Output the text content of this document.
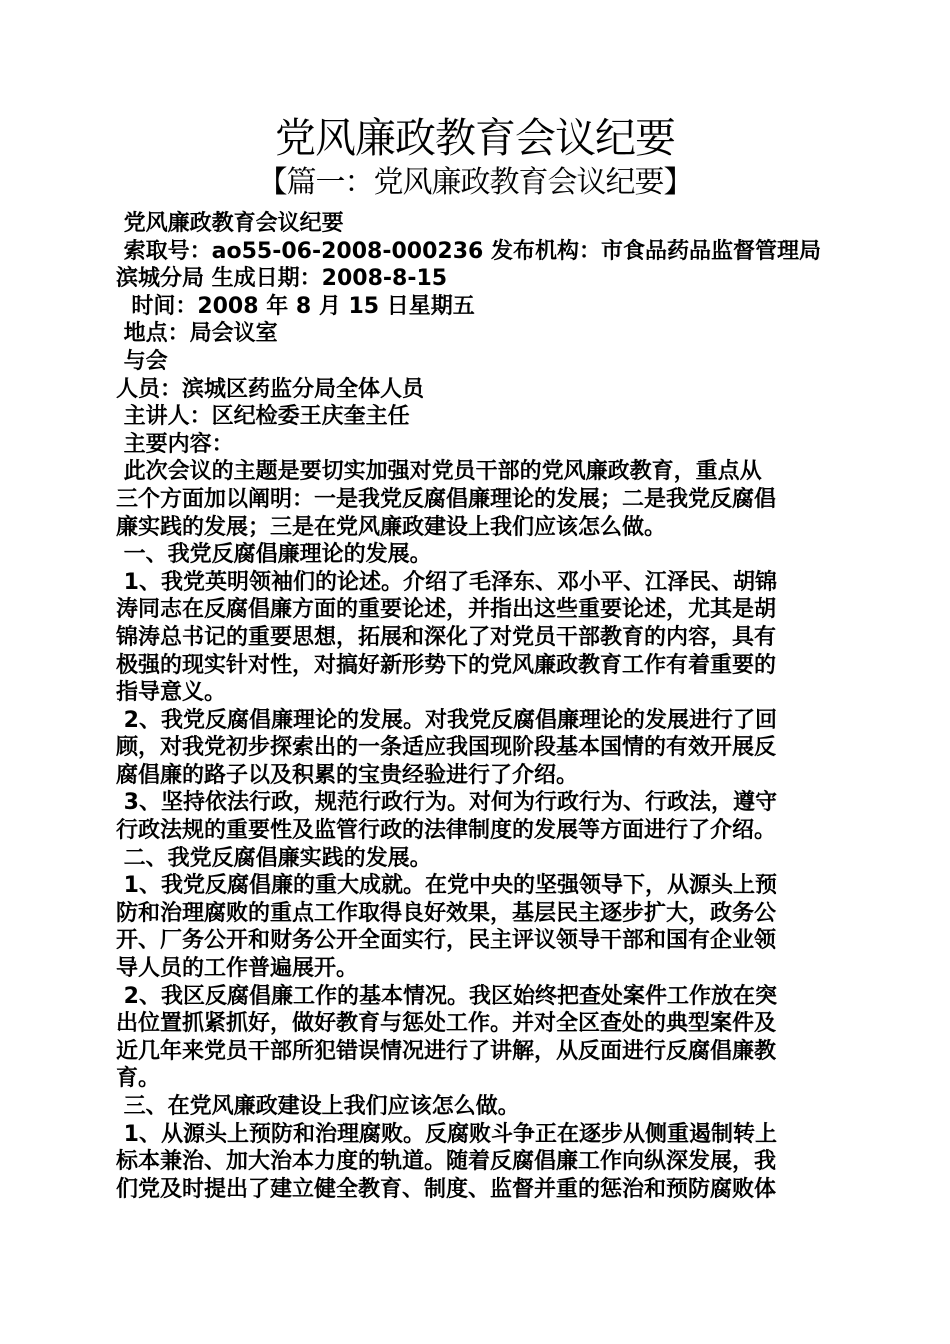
党风廉政教育会议纪要
【篇一：党风廉政教育会议纪要】
党风廉政教育会议纪要
索取号：ao55-06-2008-000236 发布机构：市食品药品监督管理局
滨城分局 生成日期：2008-8-15
时间：2008 年 8 月 15 日星期五
地点：局会议室
与会
人员：滨城区药监分局全体人员
主讲人：区纪检委王庆奎主任
主要内容：
此次会议的主题是要切实加强对党员干部的党风廉政教育，重点从
三个方面加以阐明：一是我党反腐倡廉理论的发展；二是我党反腐倡
廉实践的发展；三是在党风廉政建设上我们应该怎么做。
一、我党反腐倡廉理论的发展。
1、我党英明领袖们的论述。介绍了毛泽东、邓小平、江泽民、胡锦
涛同志在反腐倡廉方面的重要论述，并指出这些重要论述，尤其是胡
锦涛总书记的重要思想，拓展和深化了对党员干部教育的内容，具有
极强的现实针对性，对搞好新形势下的党风廉政教育工作有着重要的
指导意义。
2、我党反腐倡廉理论的发展。对我党反腐倡廉理论的发展进行了回
顾，对我党初步探索出的一条适应我国现阶段基本国情的有效开展反
腐倡廉的路子以及积累的宝贵经验进行了介绍。
3、坚持依法行政，规范行政行为。对何为行政行为、行政法，遵守
行政法规的重要性及监管行政的法律制度的发展等方面进行了介绍。
二、我党反腐倡廉实践的发展。
1、我党反腐倡廉的重大成就。在党中央的坚强领导下，从源头上预
防和治理腐败的重点工作取得良好效果，基层民主逐步扩大，政务公
开、厂务公开和财务公开全面实行，民主评议领导干部和国有企业领
导人员的工作普遍展开。
2、我区反腐倡廉工作的基本情况。我区始终把查处案件工作放在突
出位置抓紧抓好，做好教育与惩处工作。并对全区查处的典型案件及
近几年来党员干部所犯错误情况进行了讲解，从反面进行反腐倡廉教
育。
三、在党风廉政建设上我们应该怎么做。
1、从源头上预防和治理腐败。反腐败斗争正在逐步从侧重遏制转上
标本兼治、加大治本力度的轨道。随着反腐倡廉工作向纵深发展，我
们党及时提出了建立健全教育、制度、监督并重的惩治和预防腐败体
